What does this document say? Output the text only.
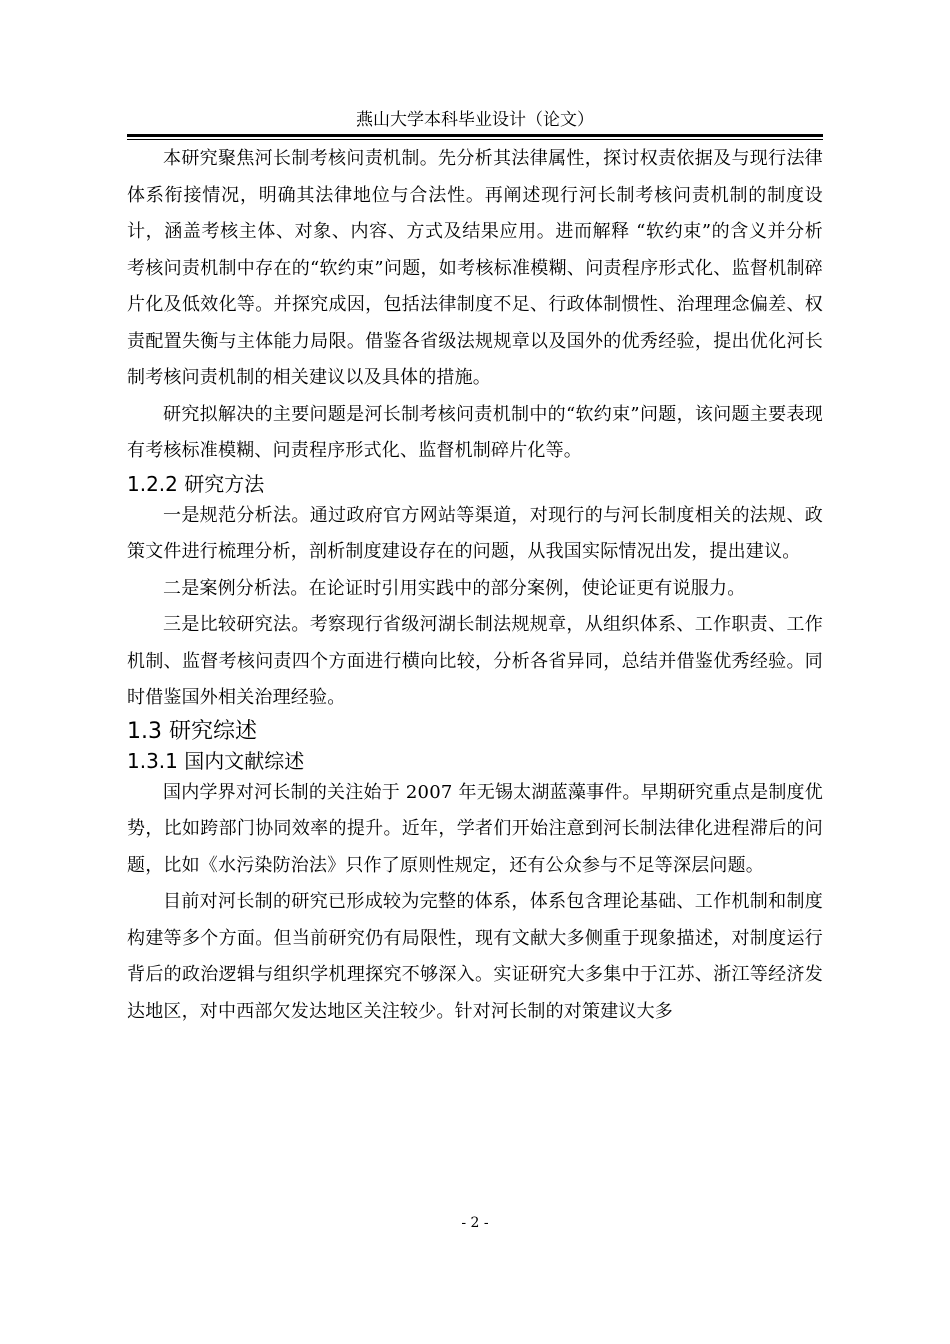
燕山大学本科毕业设计（论文）

本研究聚焦河长制考核问责机制。先分析其法律属性，探讨权责依据及与现行法律体系衔接情况，明确其法律地位与合法性。再阐述现行河长制考核问责机制的制度设计，涵盖考核主体、对象、内容、方式及结果应用。进而解释 “软约束”的含义并分析考核问责机制中存在的“软约束”问题，如考核标准模糊、问责程序形式化、监督机制碎片化及低效化等。并探究成因，包括法律制度不足、行政体制惯性、治理理念偏差、权责配置失衡与主体能力局限。借鉴各省级法规规章以及国外的优秀经验，提出优化河长制考核问责机制的相关建议以及具体的措施。

研究拟解决的主要问题是河长制考核问责机制中的“软约束”问题，该问题主要表现有考核标准模糊、问责程序形式化、监督机制碎片化等。

1.2.2 研究方法

一是规范分析法。通过政府官方网站等渠道，对现行的与河长制度相关的法规、政策文件进行梳理分析，剖析制度建设存在的问题，从我国实际情况出发，提出建议。

二是案例分析法。在论证时引用实践中的部分案例，使论证更有说服力。

三是比较研究法。考察现行省级河湖长制法规规章，从组织体系、工作职责、工作机制、监督考核问责四个方面进行横向比较，分析各省异同，总结并借鉴优秀经验。同时借鉴国外相关治理经验。

1.3 研究综述
1.3.1 国内文献综述

国内学界对河长制的关注始于 2007 年无锡太湖蓝藻事件。早期研究重点是制度优势，比如跨部门协同效率的提升。近年，学者们开始注意到河长制法律化进程滞后的问题，比如《水污染防治法》只作了原则性规定，还有公众参与不足等深层问题。

目前对河长制的研究已形成较为完整的体系，体系包含理论基础、工作机制和制度构建等多个方面。但当前研究仍有局限性，现有文献大多侧重于现象描述，对制度运行背后的政治逻辑与组织学机理探究不够深入。实证研究大多集中于江苏、浙江等经济发达地区，对中西部欠发达地区关注较少。针对河长制的对策建议大多

- 2 -
